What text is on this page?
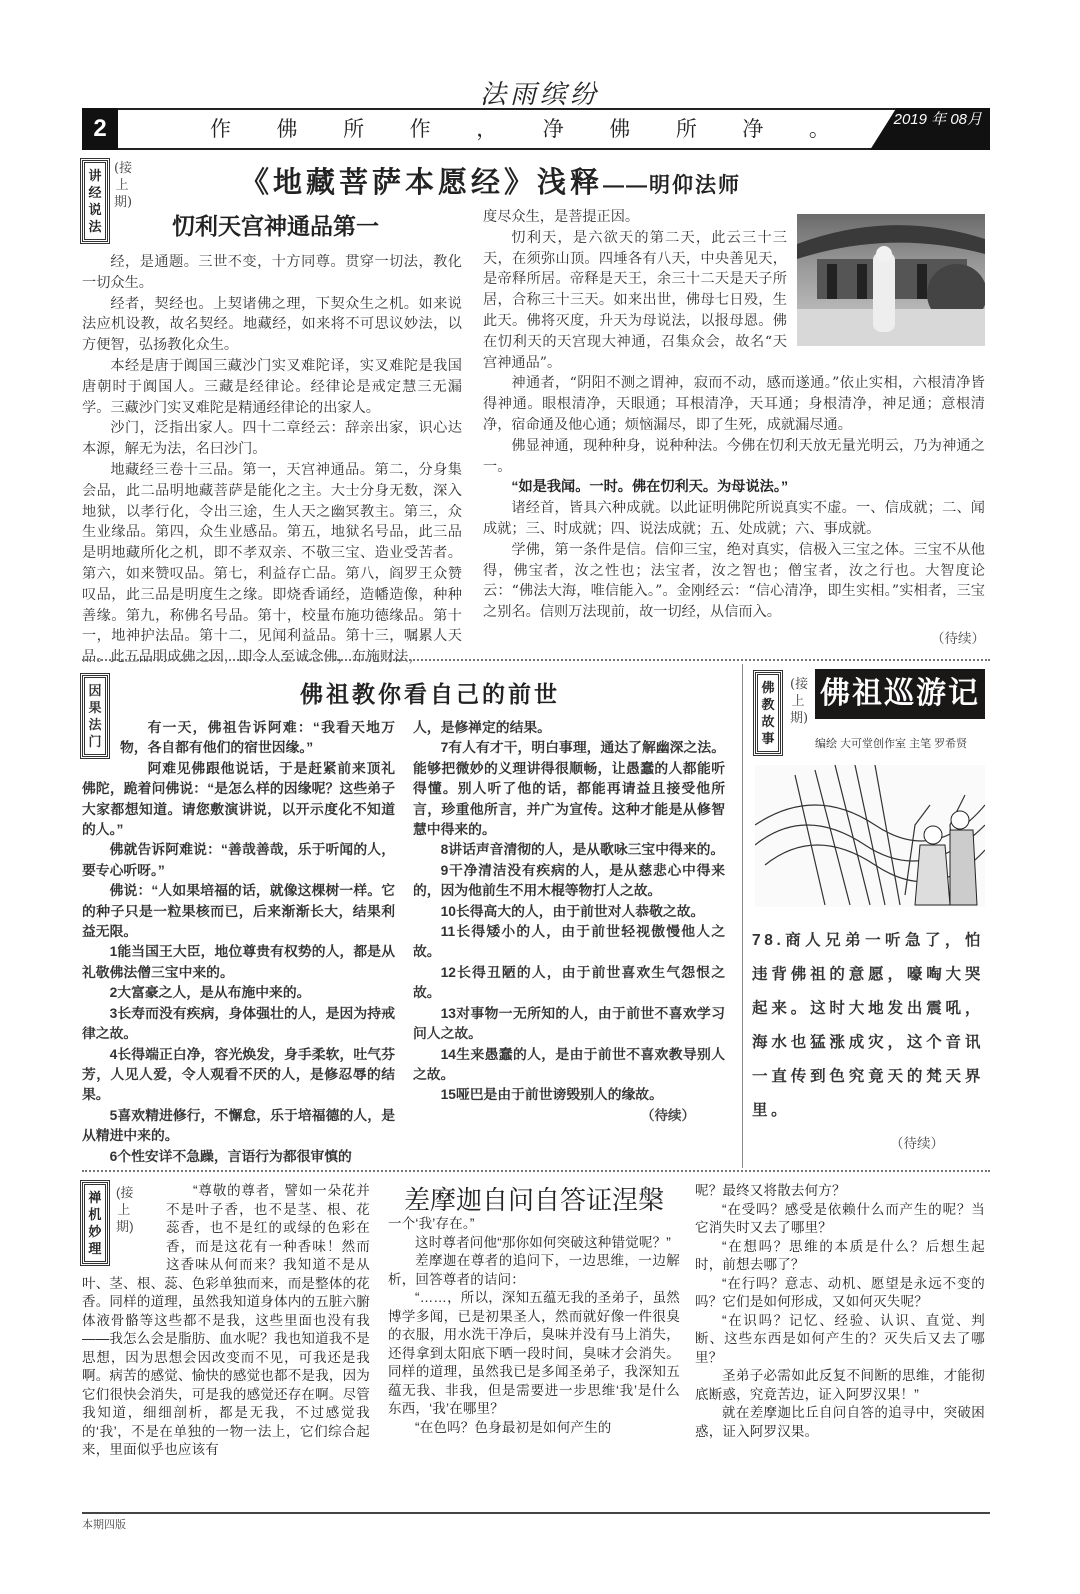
法雨缤纷
2	作 佛 所 作 ， 净 佛 所 净 。	2019 年 08月
讲经说法
(接上期)
《地藏菩萨本愿经》浅释——明仰法师
忉利天宫神通品第一

经，是通题。三世不变，十方同尊。贯穿一切法，教化一切众生。

经者，契经也。上契诸佛之理，下契众生之机。如来说法应机设教，故名契经。地藏经，如来将不可思议妙法，以方便智，弘扬教化众生。

本经是唐于阗国三藏沙门实叉难陀译，实叉难陀是我国唐朝时于阗国人。三藏是经律论。经律论是戒定慧三无漏学。三藏沙门实叉难陀是精通经律论的出家人。

沙门，泛指出家人。四十二章经云：辞亲出家，识心达本源，解无为法，名曰沙门。

地藏经三卷十三品。第一，天宫神通品。第二，分身集会品，此二品明地藏菩萨是能化之主。大士分身无数，深入地狱，以孝行化，令出三途，生人天之幽冥教主。第三，众生业缘品。第四，众生业感品。第五，地狱名号品，此三品是明地藏所化之机，即不孝双亲、不敬三宝、造业受苦者。第六，如来赞叹品。第七，利益存亡品。第八，阎罗王众赞叹品，此三品是明度生之缘。即烧香诵经，造幡造像，种种善缘。第九，称佛名号品。第十，校量布施功德缘品。第十一，地神护法品。第十二，见闻利益品。第十三，嘱累人天品。此五品明成佛之因，即令人至诚念佛，布施财法，

度尽众生，是菩提正因。

忉利天，是六欲天的第二天，此云三十三天，在须弥山顶。四埵各有八天，中央善见天，是帝释所居。帝释是天王，余三十二天是天子所居，合称三十三天。如来出世，佛母七日殁，生此天。佛将灭度，升天为母说法，以报母恩。佛在忉利天的天宫现大神通，召集众会，故名“天宫神通品”。

神通者，“阴阳不测之谓神，寂而不动，感而遂通。”依止实相，六根清净皆得神通。眼根清净，天眼通；耳根清净，天耳通；身根清净，神足通；意根清净，宿命通及他心通；烦恼漏尽，即了生死，成就漏尽通。

佛显神通，现种种身，说种种法。今佛在忉利天放无量光明云，乃为神通之一。

“如是我闻。一时。佛在忉利天。为母说法。”

诸经首，皆具六种成就。以此证明佛陀所说真实不虚。一、信成就；二、闻成就；三、时成就；四、说法成就；五、处成就；六、事成就。

学佛，第一条件是信。信仰三宝，绝对真实，信极入三宝之体。三宝不从他得，佛宝者，汝之性也；法宝者，汝之智也；僧宝者，汝之行也。大智度论云：“佛法大海，唯信能入。”。金刚经云：“信心清净，即生实相。”实相者，三宝之别名。信则万法现前，故一切经，从信而入。

（待续）
佛祖教你看自己的前世
因果法门

有一天，佛祖告诉阿难：“我看天地万物，各自都有他们的宿世因缘。”

阿难见佛跟他说话，于是赶紧前来顶礼佛陀，跪着问佛说：“是怎么样的因缘呢？这些弟子大家都想知道。请您敷演讲说，以开示度化不知道的人。”

佛就告诉阿难说：“善哉善哉，乐于听闻的人，要专心听呀。”

佛说：“人如果培福的话，就像这棵树一样。它的种子只是一粒果核而已，后来渐渐长大，结果利益无限。

1能当国王大臣，地位尊贵有权势的人，都是从礼敬佛法僧三宝中来的。

2大富豪之人，是从布施中来的。

3长寿而没有疾病，身体强壮的人，是因为持戒律之故。

4长得端正白净，容光焕发，身手柔软，吐气芬芳，人见人爱，令人观看不厌的人，是修忍辱的结果。

5喜欢精进修行，不懈怠，乐于培福德的人，是从精进中来的。

6个性安详不急躁，言语行为都很审慎的

人，是修禅定的结果。

7有人有才干，明白事理，通达了解幽深之法。能够把微妙的义理讲得很顺畅，让愚蠢的人都能听得懂。别人听了他的话，都能再请益且接受他所言，珍重他所言，并广为宣传。这种才能是从修智慧中得来的。

8讲话声音清彻的人，是从歌咏三宝中得来的。

9干净清洁没有疾病的人，是从慈悲心中得来的，因为他前生不用木棍等物打人之故。

10长得高大的人，由于前世对人恭敬之故。

11长得矮小的人，由于前世轻视傲慢他人之故。

12长得丑陋的人，由于前世喜欢生气怨恨之故。

13对事物一无所知的人，由于前世不喜欢学习问人之故。

14生来愚蠢的人，是由于前世不喜欢教导别人之故。

15哑巴是由于前世谤毁别人的缘故。

（待续）
佛教故事
(接上期)
佛祖巡游记
编绘 大可堂创作室 主笔 罗希贤
78.商人兄弟一听急了，怕违背佛祖的意愿，嚎啕大哭起来。这时大地发出震吼，海水也猛涨成灾，这个音讯一直传到色究竟天的梵天界里。
（待续）
禅机妙理
(接上期)

“尊敬的尊者，譬如一朵花并不是叶子香，也不是茎、根、花蕊香，也不是红的或绿的色彩在香，而是这花有一种香味！然而这香味从何而来？我知道不是从叶、茎、根、蕊、色彩单独而来，而是整体的花香。同样的道理，虽然我知道身体内的五脏六腑体液骨骼等这些都不是我，这些里面也没有我——我怎么会是脂肪、血水呢？我也知道我不是思想，因为思想会因改变而不见，可我还是我啊。病苦的感觉、愉快的感觉也都不是我，因为它们很快会消失，可是我的感觉还存在啊。尽管我知道，细细剖析，都是无我，不过感觉我的‘我’，不是在单独的一物一法上，它们综合起来，里面似乎也应该有

差摩迦自问自答证涅槃

一个‘我’存在。”

这时尊者问他“那你如何突破这种错觉呢？”

差摩迦在尊者的追问下，一边思维，一边解析，回答尊者的诘问：

“……，所以，深知五蕴无我的圣弟子，虽然博学多闻，已是初果圣人，然而就好像一件很臭的衣服，用水洗干净后，臭味并没有马上消失，还得拿到太阳底下晒一段时间，臭味才会消失。同样的道理，虽然我已是多闻圣弟子，我深知五蕴无我、非我，但是需要进一步思维‘我’是什么东西，‘我’在哪里？

“在色吗？色身最初是如何产生的

呢？最终又将散去何方？

“在受吗？感受是依赖什么而产生的呢？当它消失时又去了哪里？

“在想吗？思维的本质是什么？后想生起时，前想去哪了？

“在行吗？意志、动机、愿望是永远不变的吗？它们是如何形成，又如何灭失呢？

“在识吗？记忆、经验、认识、直觉、判断、这些东西是如何产生的？灭失后又去了哪里？

圣弟子必需如此反复不间断的思维，才能彻底断惑，究竟苦边，证入阿罗汉果！”

就在差摩迦比丘自问自答的追寻中，突破困惑，证入阿罗汉果。

本期四版
